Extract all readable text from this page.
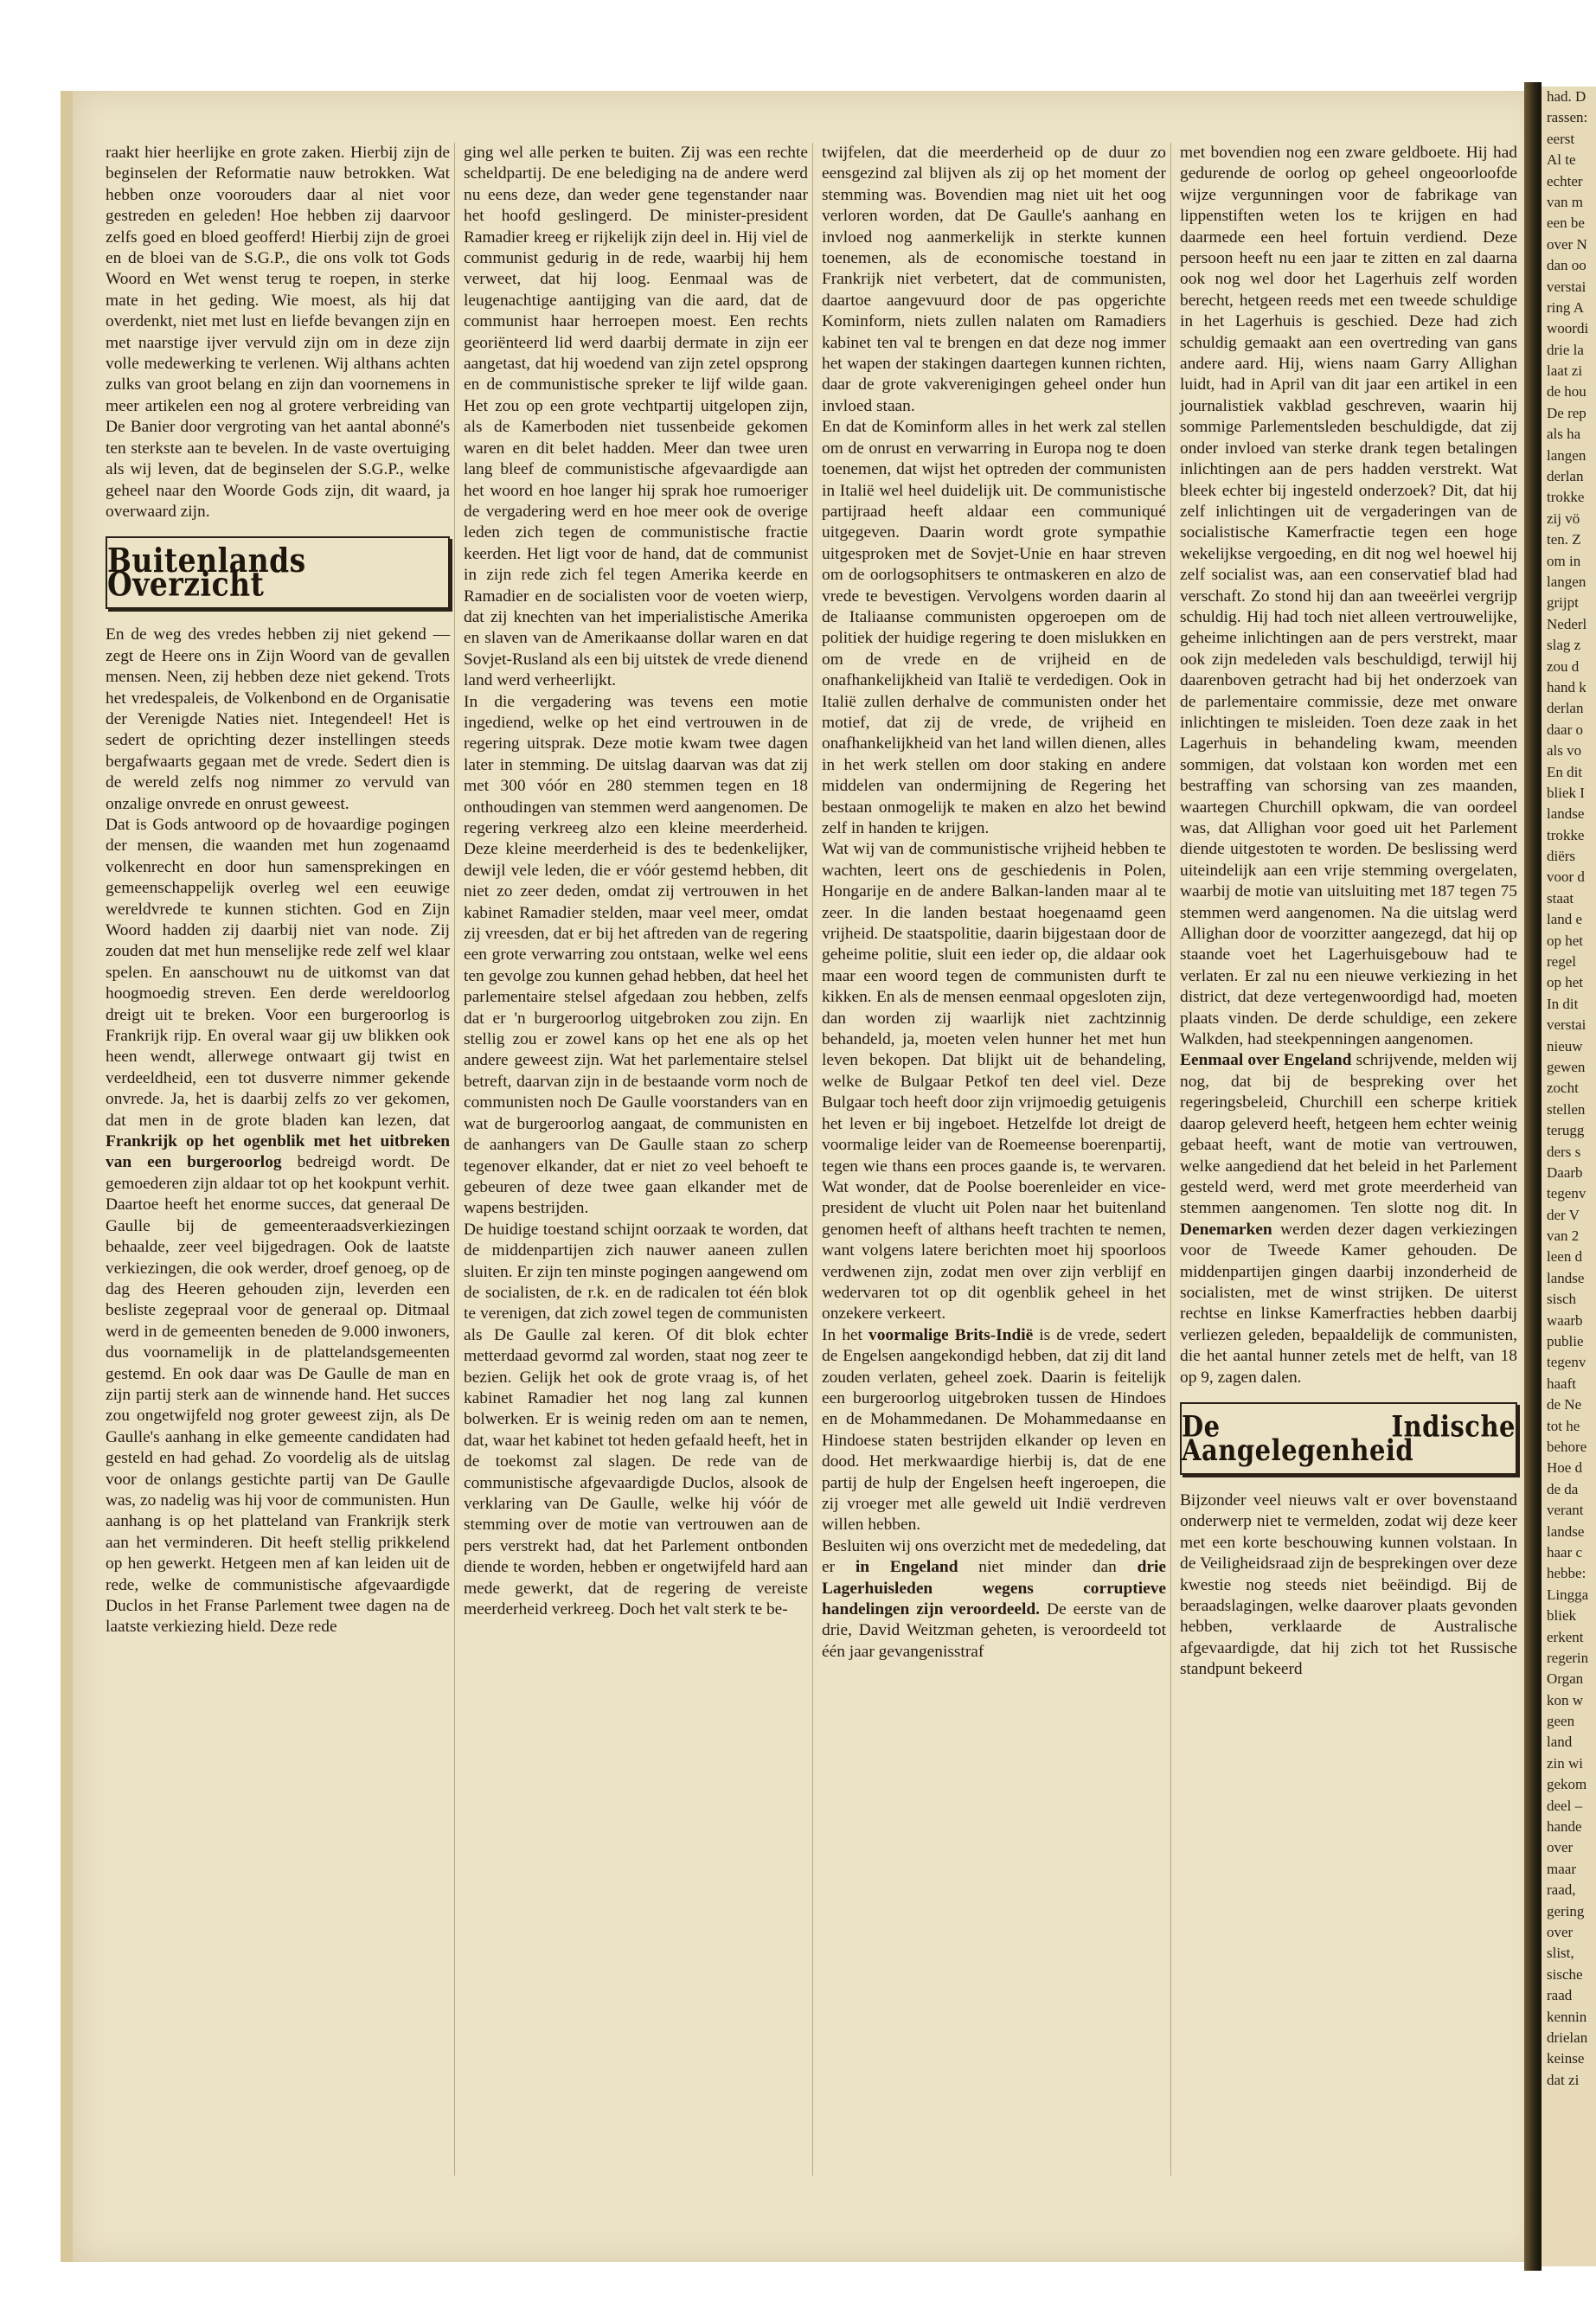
had. D
rassen:
eerst
Al te
echter
van m
een be
over N
dan oo
verstai
ring A
woordi
drie la
laat zi
de hou
De rep
als ha
langen
derlan
trokke
zij vö
ten. Z
om in
langen
grijpt
Nederl
slag z
zou d
hand k
derlan
daar o
als vo
En dit
bliek I
landse
trokke
diërs
voor d
staat
land e
op het
regel
op het
In dit
verstai
nieuw
gewen
zocht
stellen
terugg
ders s
Daarb
tegenv
der V
van 2
leen d
landse
sisch
waarb
publie
tegenv
haaft
de Ne
tot he
behore
Hoe d
de da
verant
landse
haar c
hebbe:
Lingga
bliek
erkent
regerin
Organ
kon w
geen
land
zin wi
gekom
deel –
hande
over
maar
raad,
gering
over
slist,
sische
raad
kennin
drielan
keinse
dat zi

raakt hier heerlijke en grote zaken. Hierbij zijn de beginselen der Reformatie nauw betrokken. Wat hebben onze voorouders daar al niet voor gestreden en geleden! Hoe hebben zij daarvoor zelfs goed en bloed geofferd! Hierbij zijn de groei en de bloei van de S.G.P., die ons volk tot Gods Woord en Wet wenst terug te roepen, in sterke mate in het geding. Wie moest, als hij dat overdenkt, niet met lust en liefde bevangen zijn en met naarstige ijver vervuld zijn om in deze zijn volle medewerking te verlenen. Wij althans achten zulks van groot belang en zijn dan voornemens in meer artikelen een nog al grotere verbreiding van De Banier door vergroting van het aantal abonné's ten sterkste aan te bevelen. In de vaste overtuiging als wij leven, dat de beginselen der S.G.P., welke geheel naar den Woorde Gods zijn, dit waard, ja overwaard zijn.

Buitenlands Overzicht

En de weg des vredes hebben zij niet gekend — zegt de Heere ons in Zijn Woord van de gevallen mensen. Neen, zij hebben deze niet gekend. Trots het vredespaleis, de Volkenbond en de Organisatie der Verenigde Naties niet. Integendeel! Het is sedert de oprichting dezer instellingen steeds bergafwaarts gegaan met de vrede. Sedert dien is de wereld zelfs nog nimmer zo vervuld van onzalige onvrede en onrust geweest.

Dat is Gods antwoord op de hovaardige pogingen der mensen, die waanden met hun zogenaamd volkenrecht en door hun samensprekingen en gemeenschappelijk overleg wel een eeuwige wereldvrede te kunnen stichten. God en Zijn Woord hadden zij daarbij niet van node. Zij zouden dat met hun menselijke rede zelf wel klaar spelen. En aanschouwt nu de uitkomst van dat hoogmoedig streven. Een derde wereldoorlog dreigt uit te breken. Voor een burgeroorlog is Frankrijk rijp. En overal waar gij uw blikken ook heen wendt, allerwege ontwaart gij twist en verdeeldheid, een tot dusverre nimmer gekende onvrede. Ja, het is daarbij zelfs zo ver gekomen, dat men in de grote bladen kan lezen, dat Frankrijk op het ogenblik met het uitbreken van een burgeroorlog bedreigd wordt. De gemoederen zijn aldaar tot op het kookpunt verhit. Daartoe heeft het enorme succes, dat generaal De Gaulle bij de gemeenteraadsverkiezingen behaalde, zeer veel bijgedragen. Ook de laatste verkiezingen, die ook werder, droef genoeg, op de dag des Heeren gehouden zijn, leverden een besliste zegepraal voor de generaal op. Ditmaal werd in de gemeenten beneden de 9.000 inwoners, dus voornamelijk in de plattelandsgemeenten gestemd. En ook daar was De Gaulle de man en zijn partij sterk aan de winnende hand. Het succes zou ongetwijfeld nog groter geweest zijn, als De Gaulle's aanhang in elke gemeente candidaten had gesteld en had gehad. Zo voordelig als de uitslag voor de onlangs gestichte partij van De Gaulle was, zo nadelig was hij voor de communisten. Hun aanhang is op het platteland van Frankrijk sterk aan het verminderen. Dit heeft stellig prikkelend op hen gewerkt. Hetgeen men af kan leiden uit de rede, welke de communistische afgevaardigde Duclos in het Franse Parlement twee dagen na de laatste verkiezing hield. Deze rede

ging wel alle perken te buiten. Zij was een rechte scheldpartij. De ene belediging na de andere werd nu eens deze, dan weder gene tegenstander naar het hoofd geslingerd. De minister-president Ramadier kreeg er rijkelijk zijn deel in. Hij viel de communist gedurig in de rede, waarbij hij hem verweet, dat hij loog. Eenmaal was de leugenachtige aantijging van die aard, dat de communist haar herroepen moest. Een rechts georiënteerd lid werd daarbij dermate in zijn eer aangetast, dat hij woedend van zijn zetel opsprong en de communistische spreker te lijf wilde gaan. Het zou op een grote vechtpartij uitgelopen zijn, als de Kamerboden niet tussenbeide gekomen waren en dit belet hadden. Meer dan twee uren lang bleef de communistische afgevaardigde aan het woord en hoe langer hij sprak hoe rumoeriger de vergadering werd en hoe meer ook de overige leden zich tegen de communistische fractie keerden. Het ligt voor de hand, dat de communist in zijn rede zich fel tegen Amerika keerde en Ramadier en de socialisten voor de voeten wierp, dat zij knechten van het imperialistische Amerika en slaven van de Amerikaanse dollar waren en dat Sovjet-Rusland als een bij uitstek de vrede dienend land werd verheerlijkt.

In die vergadering was tevens een motie ingediend, welke op het eind vertrouwen in de regering uitsprak. Deze motie kwam twee dagen later in stemming. De uitslag daarvan was dat zij met 300 vóór en 280 stemmen tegen en 18 onthoudingen van stemmen werd aangenomen. De regering verkreeg alzo een kleine meerderheid. Deze kleine meerderheid is des te bedenkelijker, dewijl vele leden, die er vóór gestemd hebben, dit niet zo zeer deden, omdat zij vertrouwen in het kabinet Ramadier stelden, maar veel meer, omdat zij vreesden, dat er bij het aftreden van de regering een grote verwarring zou ontstaan, welke wel eens ten gevolge zou kunnen gehad hebben, dat heel het parlementaire stelsel afgedaan zou hebben, zelfs dat er 'n burgeroorlog uitgebroken zou zijn. En stellig zou er zowel kans op het ene als op het andere geweest zijn. Wat het parlementaire stelsel betreft, daarvan zijn in de bestaande vorm noch de communisten noch De Gaulle voorstanders van en wat de burgeroorlog aangaat, de communisten en de aanhangers van De Gaulle staan zo scherp tegenover elkander, dat er niet zo veel behoeft te gebeuren of deze twee gaan elkander met de wapens bestrijden.

De huidige toestand schijnt oorzaak te worden, dat de middenpartijen zich nauwer aaneen zullen sluiten. Er zijn ten minste pogingen aangewend om de socialisten, de r.k. en de radicalen tot één blok te verenigen, dat zich zowel tegen de communisten als De Gaulle zal keren. Of dit blok echter metterdaad gevormd zal worden, staat nog zeer te bezien. Gelijk het ook de grote vraag is, of het kabinet Ramadier het nog lang zal kunnen bolwerken. Er is weinig reden om aan te nemen, dat, waar het kabinet tot heden gefaald heeft, het in de toekomst zal slagen. De rede van de communistische afgevaardigde Duclos, alsook de verklaring van De Gaulle, welke hij vóór de stemming over de motie van vertrouwen aan de pers verstrekt had, dat het Parlement ontbonden diende te worden, hebben er ongetwijfeld hard aan mede gewerkt, dat de regering de vereiste meerderheid verkreeg. Doch het valt sterk te be-

twijfelen, dat die meerderheid op de duur zo eensgezind zal blijven als zij op het moment der stemming was. Bovendien mag niet uit het oog verloren worden, dat De Gaulle's aanhang en invloed nog aanmerkelijk in sterkte kunnen toenemen, als de economische toestand in Frankrijk niet verbetert, dat de communisten, daartoe aangevuurd door de pas opgerichte Kominform, niets zullen nalaten om Ramadiers kabinet ten val te brengen en dat deze nog immer het wapen der stakingen daartegen kunnen richten, daar de grote vakverenigingen geheel onder hun invloed staan.

En dat de Kominform alles in het werk zal stellen om de onrust en verwarring in Europa nog te doen toenemen, dat wijst het optreden der communisten in Italië wel heel duidelijk uit. De communistische partijraad heeft aldaar een communiqué uitgegeven. Daarin wordt grote sympathie uitgesproken met de Sovjet-Unie en haar streven om de oorlogsophitsers te ontmaskeren en alzo de vrede te bevestigen. Vervolgens worden daarin al de Italiaanse communisten opgeroepen om de politiek der huidige regering te doen mislukken en om de vrede en de vrijheid en de onafhankelijkheid van Italië te verdedigen. Ook in Italië zullen derhalve de communisten onder het motief, dat zij de vrede, de vrijheid en onafhankelijkheid van het land willen dienen, alles in het werk stellen om door staking en andere middelen van ondermijning de Regering het bestaan onmogelijk te maken en alzo het bewind zelf in handen te krijgen.

Wat wij van de communistische vrijheid hebben te wachten, leert ons de geschiedenis in Polen, Hongarije en de andere Balkan-landen maar al te zeer. In die landen bestaat hoegenaamd geen vrijheid. De staatspolitie, daarin bijgestaan door de geheime politie, sluit een ieder op, die aldaar ook maar een woord tegen de communisten durft te kikken. En als de mensen eenmaal opgesloten zijn, dan worden zij waarlijk niet zachtzinnig behandeld, ja, moeten velen hunner het met hun leven bekopen. Dat blijkt uit de behandeling, welke de Bulgaar Petkof ten deel viel. Deze Bulgaar toch heeft door zijn vrijmoedig getuigenis het leven er bij ingeboet. Hetzelfde lot dreigt de voormalige leider van de Roemeense boerenpartij, tegen wie thans een proces gaande is, te wervaren. Wat wonder, dat de Poolse boerenleider en vice-president de vlucht uit Polen naar het buitenland genomen heeft of althans heeft trachten te nemen, want volgens latere berichten moet hij spoorloos verdwenen zijn, zodat men over zijn verblijf en wedervaren tot op dit ogenblik geheel in het onzekere verkeert.

In het voormalige Brits-Indië is de vrede, sedert de Engelsen aangekondigd hebben, dat zij dit land zouden verlaten, geheel zoek. Daarin is feitelijk een burgeroorlog uitgebroken tussen de Hindoes en de Mohammedanen. De Mohammedaanse en Hindoese staten bestrijden elkander op leven en dood. Het merkwaardige hierbij is, dat de ene partij de hulp der Engelsen heeft ingeroepen, die zij vroeger met alle geweld uit Indië verdreven willen hebben.

Besluiten wij ons overzicht met de mededeling, dat er in Engeland niet minder dan drie Lagerhuisleden wegens corruptieve handelingen zijn veroordeeld. De eerste van de drie, David Weitzman geheten, is veroordeeld tot één jaar gevangenisstraf

met bovendien nog een zware geldboete. Hij had gedurende de oorlog op geheel ongeoorloofde wijze vergunningen voor de fabrikage van lippenstiften weten los te krijgen en had daarmede een heel fortuin verdiend. Deze persoon heeft nu een jaar te zitten en zal daarna ook nog wel door het Lagerhuis zelf worden berecht, hetgeen reeds met een tweede schuldige in het Lagerhuis is geschied. Deze had zich schuldig gemaakt aan een overtreding van gans andere aard. Hij, wiens naam Garry Allighan luidt, had in April van dit jaar een artikel in een journalistiek vakblad geschreven, waarin hij sommige Parlementsleden beschuldigde, dat zij onder invloed van sterke drank tegen betalingen inlichtingen aan de pers hadden verstrekt. Wat bleek echter bij ingesteld onderzoek? Dit, dat hij zelf inlichtingen uit de vergaderingen van de socialistische Kamerfractie tegen een hoge wekelijkse vergoeding, en dit nog wel hoewel hij zelf socialist was, aan een conservatief blad had verschaft. Zo stond hij dan aan tweeërlei vergrijp schuldig. Hij had toch niet alleen vertrouwelijke, geheime inlichtingen aan de pers verstrekt, maar ook zijn medeleden vals beschuldigd, terwijl hij daarenboven getracht had bij het onderzoek van de parlementaire commissie, deze met onware inlichtingen te misleiden. Toen deze zaak in het Lagerhuis in behandeling kwam, meenden sommigen, dat volstaan kon worden met een bestraffing van schorsing van zes maanden, waartegen Churchill opkwam, die van oordeel was, dat Allighan voor goed uit het Parlement diende uitgestoten te worden. De beslissing werd uiteindelijk aan een vrije stemming overgelaten, waarbij de motie van uitsluiting met 187 tegen 75 stemmen werd aangenomen. Na die uitslag werd Allighan door de voorzitter aangezegd, dat hij op staande voet het Lagerhuisgebouw had te verlaten. Er zal nu een nieuwe verkiezing in het district, dat deze vertegenwoordigd had, moeten plaats vinden. De derde schuldige, een zekere Walkden, had steekpenningen aangenomen.

Eenmaal over Engeland schrijvende, melden wij nog, dat bij de bespreking over het regeringsbeleid, Churchill een scherpe kritiek daarop geleverd heeft, hetgeen hem echter weinig gebaat heeft, want de motie van vertrouwen, welke aangediend dat het beleid in het Parlement gesteld werd, werd met grote meerderheid van stemmen aangenomen. Ten slotte nog dit. In Denemarken werden dezer dagen verkiezingen voor de Tweede Kamer gehouden. De middenpartijen gingen daarbij inzonderheid de socialisten, met de winst strijken. De uiterst rechtse en linkse Kamerfracties hebben daarbij verliezen geleden, bepaaldelijk de communisten, die het aantal hunner zetels met de helft, van 18 op 9, zagen dalen.

De Indische Aangelegenheid

Bijzonder veel nieuws valt er over bovenstaand onderwerp niet te vermelden, zodat wij deze keer met een korte beschouwing kunnen volstaan. In de Veiligheidsraad zijn de besprekingen over deze kwestie nog steeds niet beëindigd. Bij de beraadslagingen, welke daarover plaats gevonden hebben, verklaarde de Australische afgevaardigde, dat hij zich tot het Russische standpunt bekeerd
